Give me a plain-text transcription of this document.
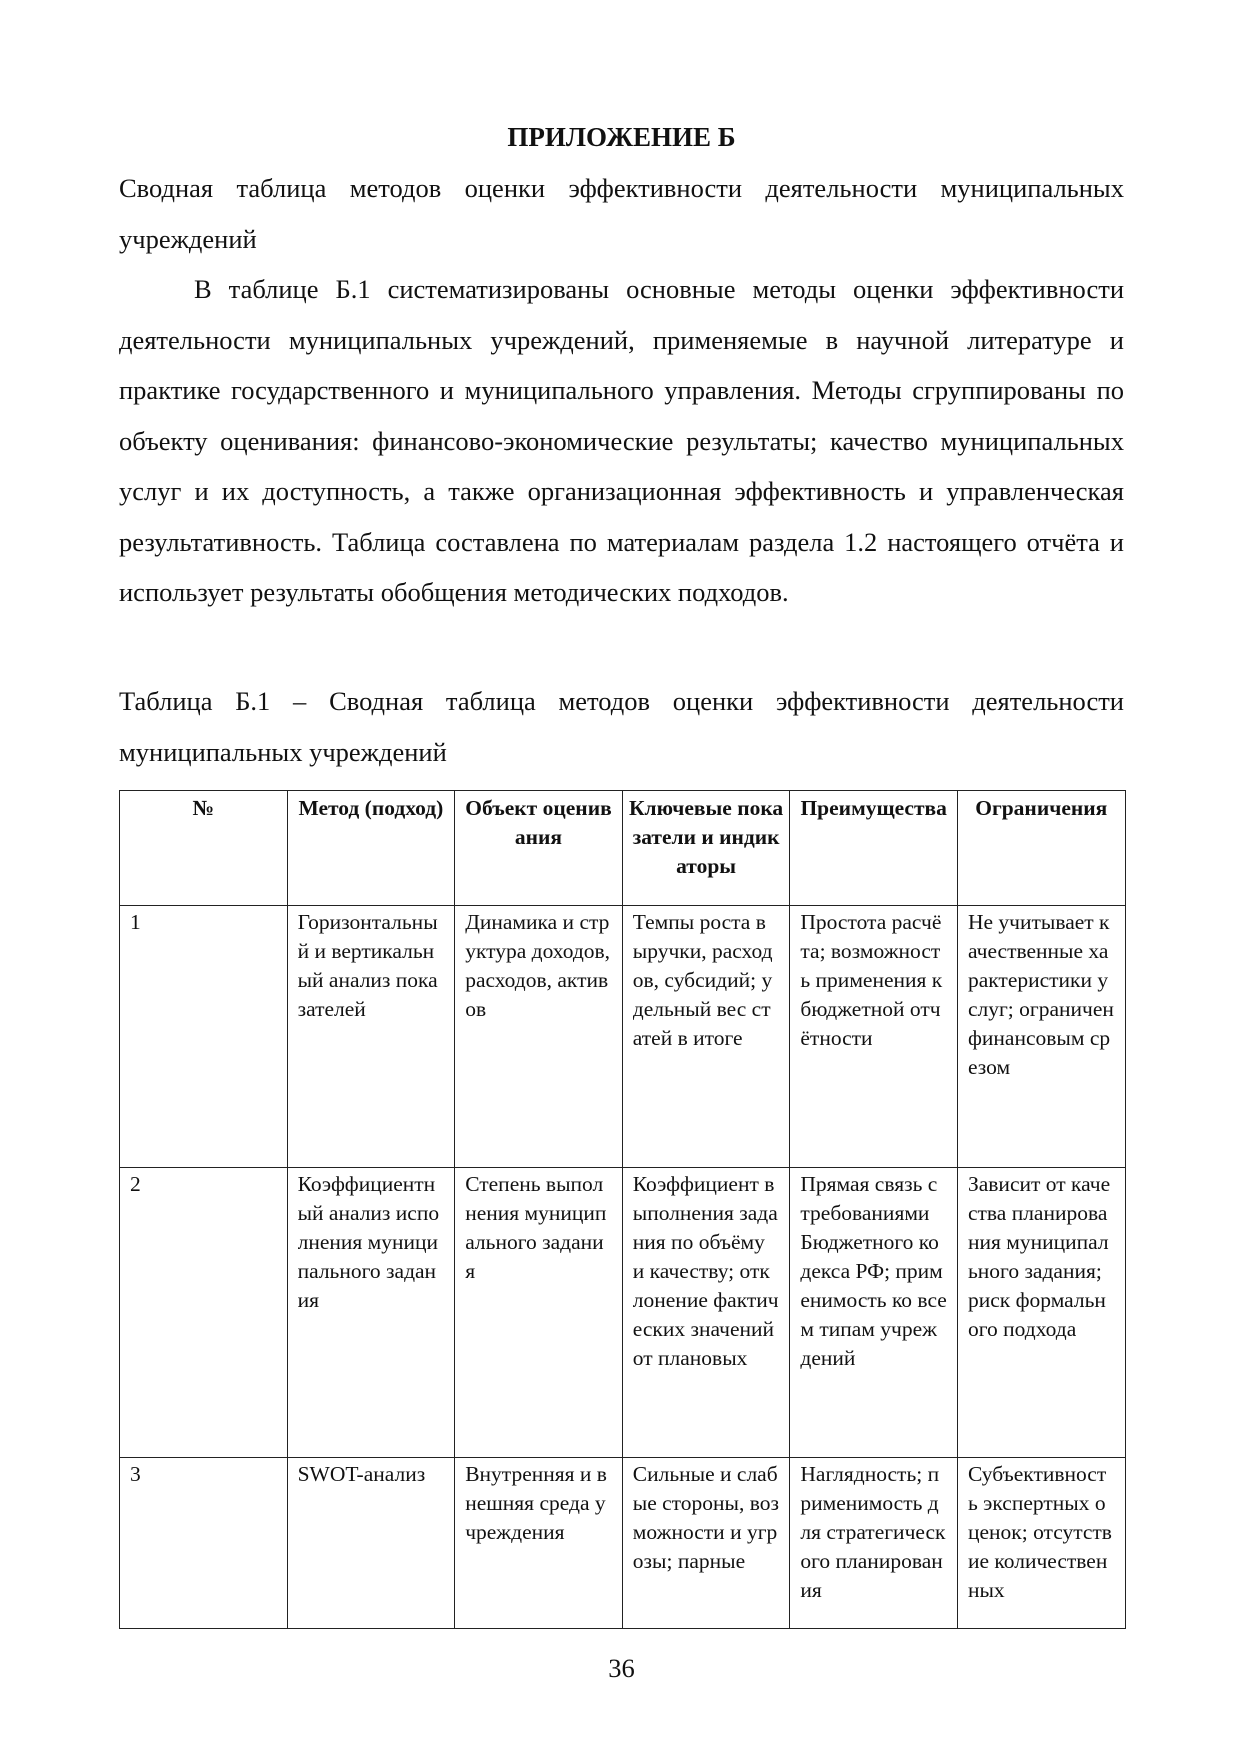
ПРИЛОЖЕНИЕ Б

Сводная таблица методов оценки эффективности деятельности муниципальных учреждений

В таблице Б.1 систематизированы основные методы оценки эффективности деятельности муниципальных учреждений, применяемые в научной литературе и практике государственного и муниципального управления. Методы сгруппированы по объекту оценивания: финансово-экономические результаты; качество муниципальных услуг и их доступность, а также организационная эффективность и управленческая результативность. Таблица составлена по материалам раздела 1.2 настоящего отчёта и использует результаты обобщения методических подходов.

Таблица Б.1 – Сводная таблица методов оценки эффективности деятельности муниципальных учреждений

№	Метод (подход)	Объект оценивания	Ключевые показатели и индикаторы	Преимущества	Ограничения

1	Горизонтальный и вертикальный анализ показателей	Динамика и структура доходов, расходов, активов	Темпы роста выручки, расходов, субсидий; удельный вес статей в итоге	Простота расчёта; возможность применения к бюджетной отчётности	Не учитывает качественные характеристики услуг; ограничен финансовым срезом

2	Коэффициентный анализ исполнения муниципального задания	Степень выполнения муниципального задания	Коэффициент выполнения задания по объёму и качеству; отклонение фактических значений от плановых	Прямая связь с требованиями Бюджетного кодекса РФ; применимость ко всем типам учреждений	Зависит от качества планирования муниципального задания; риск формального подхода

3	SWOT-анализ	Внутренняя и внешняя среда учреждения	Сильные и слабые стороны, возможности и угрозы; парные	Наглядность; применимость для стратегического планирования	Субъективность экспертных оценок; отсутствие количественных
36
